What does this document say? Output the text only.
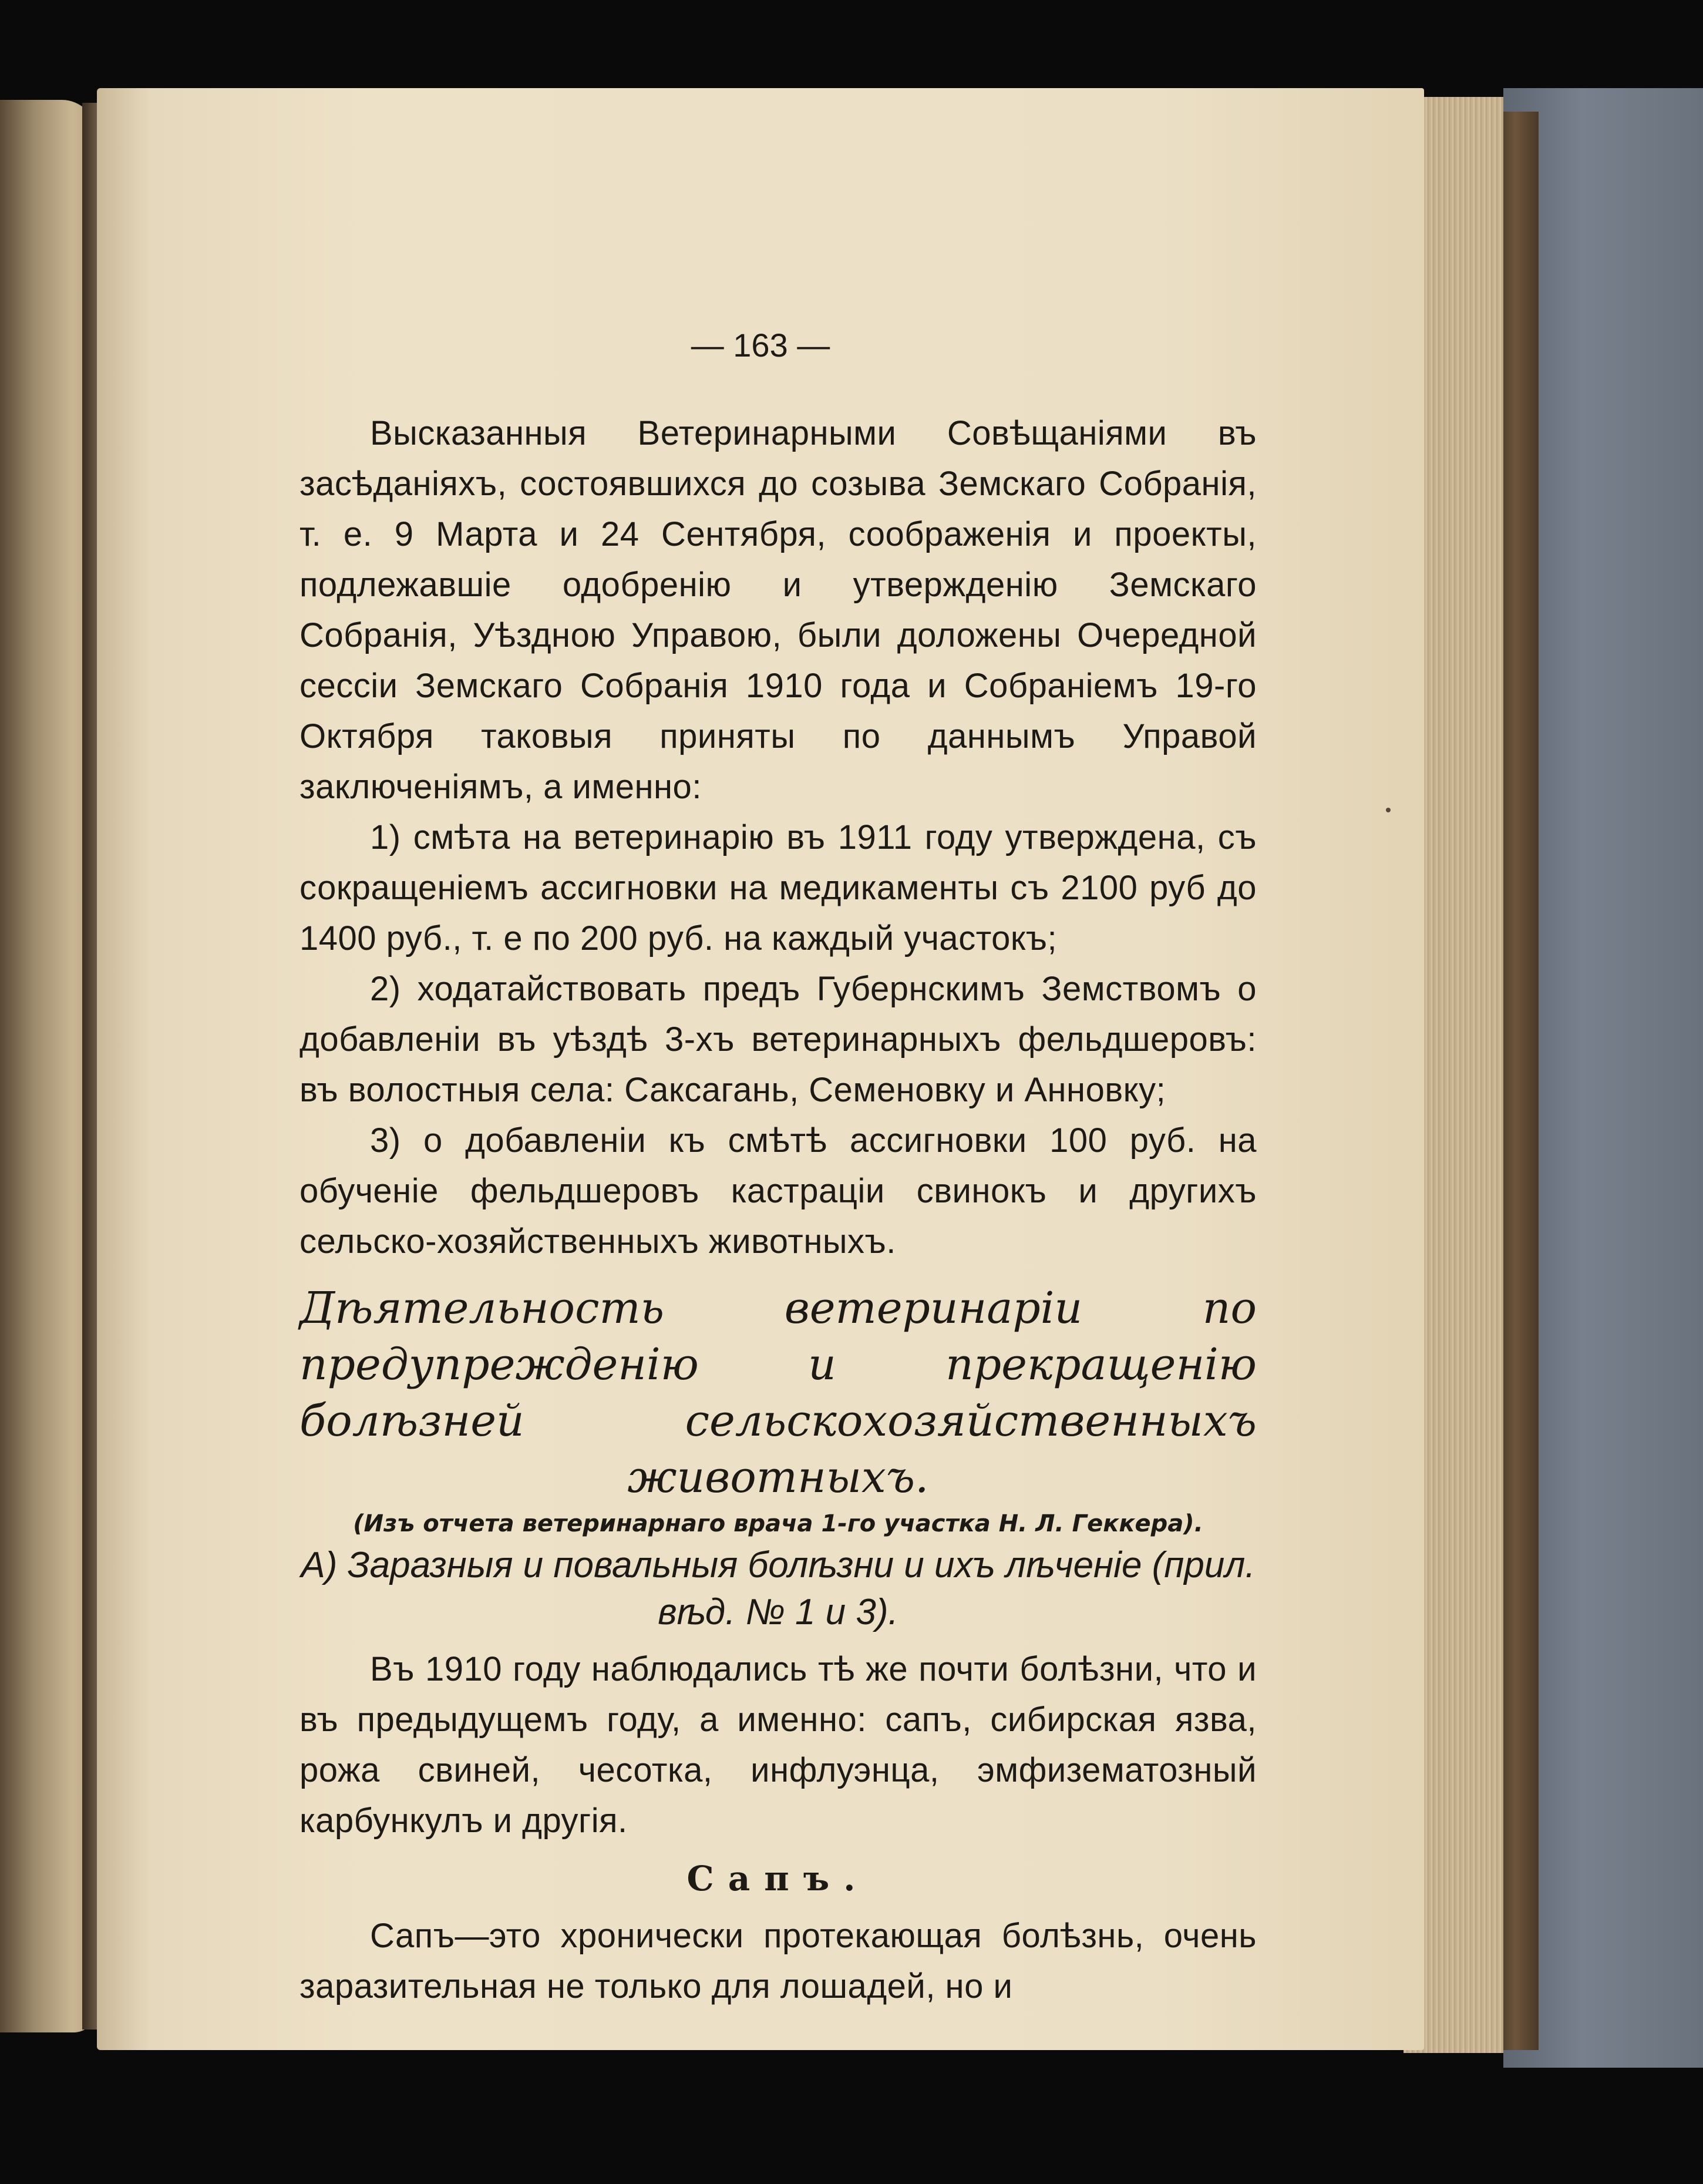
— 163 —

Высказанныя Ветеринарными Совѣщаніями въ засѣданіяхъ, состоявшихся до созыва Земскаго Собранія, т. е. 9 Марта и 24 Сентября, соображенія и проекты, подлежавшіе одобренію и утвержденію Земскаго Собранія, Уѣздною Управою, были доложены Очередной сессіи Земскаго Собранія 1910 года и Собраніемъ 19-го Октября таковыя приняты по даннымъ Управой заключеніямъ, а именно:

1) смѣта на ветеринарію въ 1911 году утверждена, съ сокращеніемъ ассигновки на медикаменты съ 2100 руб до 1400 руб., т. е по 200 руб. на каждый участокъ;

2) ходатайствовать предъ Губернскимъ Земствомъ о добавленіи въ уѣздѣ 3-хъ ветеринарныхъ фельдшеровъ: въ волостныя села: Саксагань, Семеновку и Анновку;

3) о добавленіи къ смѣтѣ ассигновки 100 руб. на обученіе фельдшеровъ кастраціи свинокъ и другихъ сельско-хозяйственныхъ животныхъ.

Дѣятельность ветеринаріи по предупрежденію и прекращенію болѣзней сельскохозяйственныхъ животныхъ.

(Изъ отчета ветеринарнаго врача 1-го участка Н. Л. Геккера).

А) Заразныя и повальныя болѣзни и ихъ лѣченіе (прил. вѣд. № 1 и 3).

Въ 1910 году наблюдались тѣ же почти болѣзни, что и въ предыдущемъ году, а именно: сапъ, сибирская язва, рожа свиней, чесотка, инфлуэнца, эмфизематозный карбункулъ и другія.

Сапъ.

Сапъ—это хронически протекающая болѣзнь, очень заразительная не только для лошадей, но и
